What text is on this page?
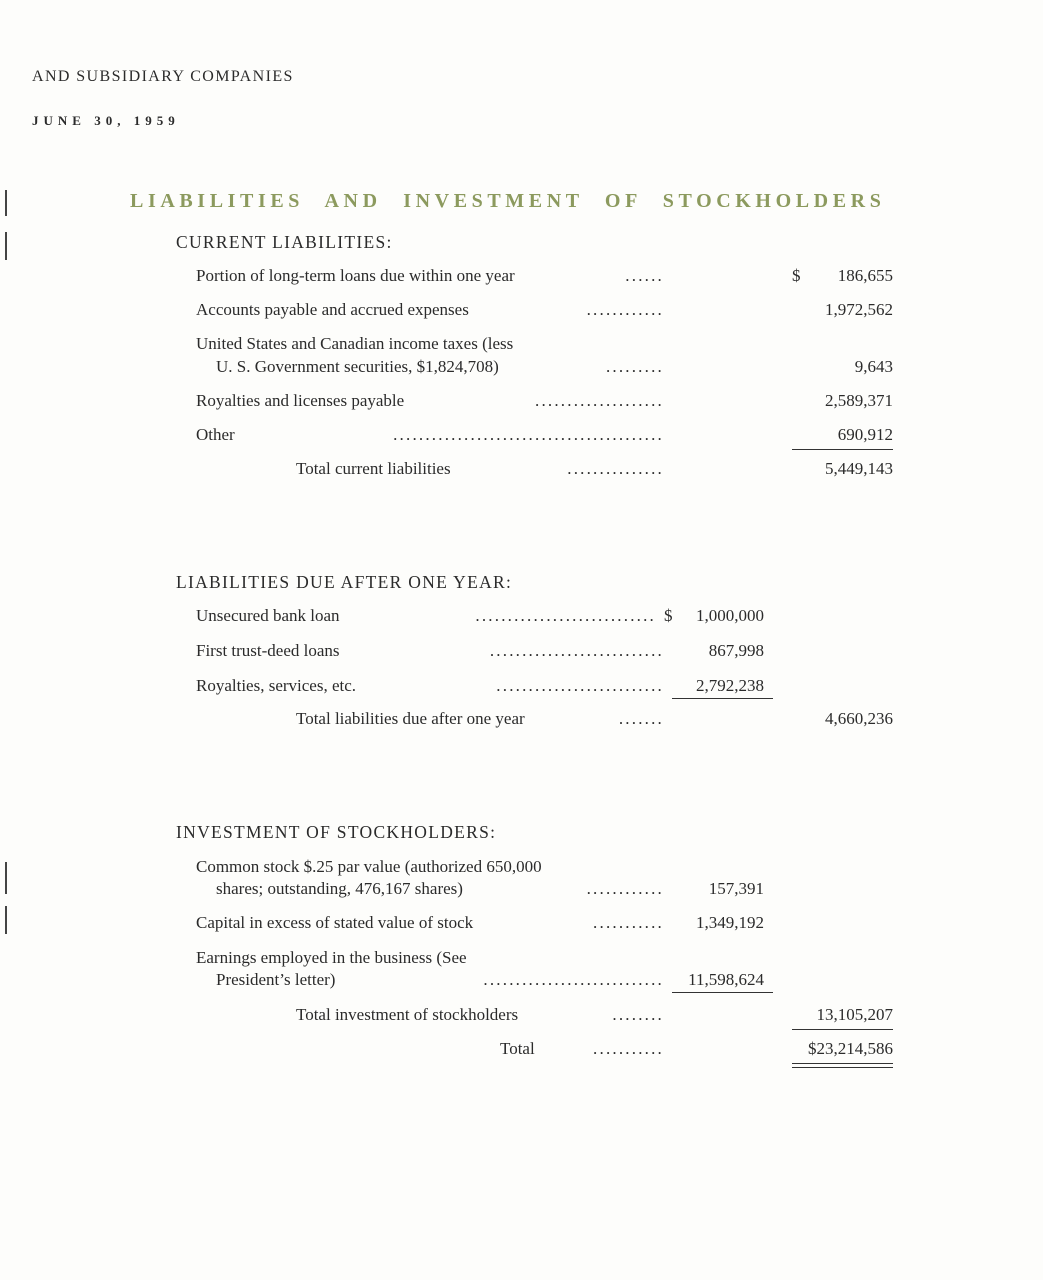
AND SUBSIDIARY COMPANIES
JUNE 30, 1959
LIABILITIES AND INVESTMENT OF STOCKHOLDERS
CURRENT LIABILITIES:
Portion of long-term loans due within one year	......	$ 186,655
Accounts payable and accrued expenses	............	1,972,562
United States and Canadian income taxes (less
U. S. Government securities, $1,824,708)	.........	9,643
Royalties and licenses payable	....................	2,589,371
Other	..........................................	690,912
Total current liabilities	...............	5,449,143
LIABILITIES DUE AFTER ONE YEAR:
Unsecured bank loan	............................ $ 1,000,000
First trust-deed loans	...........................	867,998
Royalties, services, etc.	.......................... 2,792,238
Total liabilities due after one year	.......	4,660,236
INVESTMENT OF STOCKHOLDERS:
Common stock $.25 par value (authorized 650,000
shares; outstanding, 476,167 shares)	............	157,391
Capital in excess of stated value of stock	........... 1,349,192
Earnings employed in the business (See
President’s letter)	............................ 11,598,624
Total investment of stockholders	........	13,105,207
Total	...........	$23,214,586
